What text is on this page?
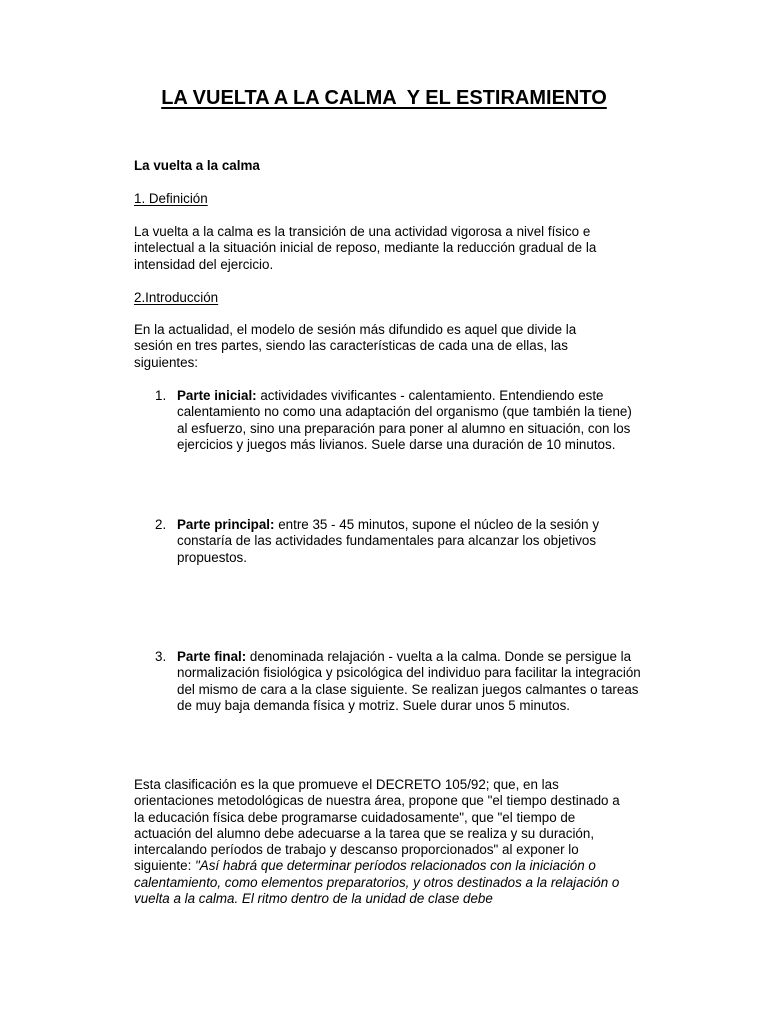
LA VUELTA A LA CALMA  Y EL ESTIRAMIENTO

La vuelta a la calma

1. Definición

La vuelta a la calma es la transición de una actividad vigorosa a nivel físico e intelectual a la situación inicial de reposo, mediante la reducción gradual de la intensidad del ejercicio.

2.Introducción

En la actualidad, el modelo de sesión más difundido es aquel que divide la sesión en tres partes, siendo las características de cada una de ellas, las siguientes:

1. Parte inicial: actividades vivificantes - calentamiento. Entendiendo este calentamiento no como una adaptación del organismo (que también la tiene) al esfuerzo, sino una preparación para poner al alumno en situación, con los ejercicios y juegos más livianos. Suele darse una duración de 10 minutos.
2. Parte principal: entre 35 - 45 minutos, supone el núcleo de la sesión y constaría de las actividades fundamentales para alcanzar los objetivos propuestos.
3. Parte final: denominada relajación - vuelta a la calma. Donde se persigue la normalización fisiológica y psicológica del individuo para facilitar la integración del mismo de cara a la clase siguiente. Se realizan juegos calmantes o tareas de muy baja demanda física y motriz. Suele durar unos 5 minutos.

Esta clasificación es la que promueve el DECRETO 105/92; que, en las orientaciones metodológicas de nuestra área, propone que "el tiempo destinado a la educación física debe programarse cuidadosamente", que "el tiempo de actuación del alumno debe adecuarse a la tarea que se realiza y su duración, intercalando períodos de trabajo y descanso proporcionados" al exponer lo siguiente: "Así habrá que determinar períodos relacionados con la iniciación o calentamiento, como elementos preparatorios, y otros destinados a la relajación o vuelta a la calma. El ritmo dentro de la unidad de clase debe
